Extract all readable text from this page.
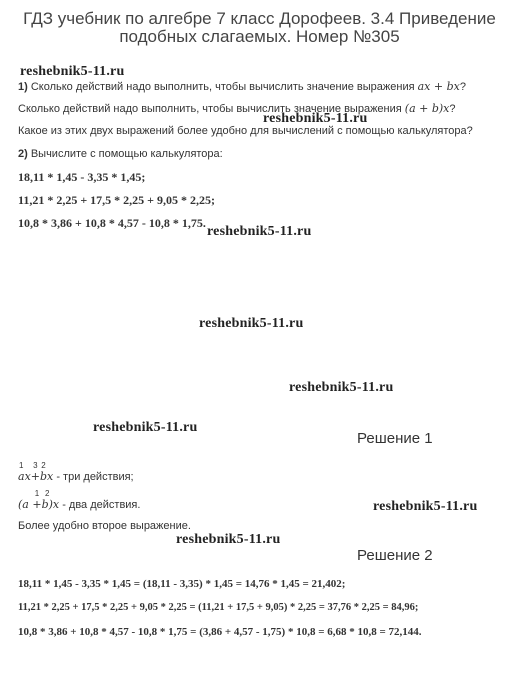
ГДЗ учебник по алгебре 7 класс Дорофеев. 3.4 Приведение
подобных слагаемых. Номер №305
reshebnik5-11.ru
reshebnik5-11.ru
reshebnik5-11.ru
reshebnik5-11.ru
reshebnik5-11.ru
reshebnik5-11.ru
reshebnik5-11.ru
reshebnik5-11.ru
1) Сколько действий надо выполнить, чтобы вычислить значение выражения ax + bx?
Сколько действий надо выполнить, чтобы вычислить значение выражения (a + b)x?
Какое из этих двух выражений более удобно для вычислений с помощью калькулятора?
2) Вычислите с помощью калькулятора:
18,11 * 1,45 - 3,35 * 1,45;
11,21 * 2,25 + 17,5 * 2,25 + 9,05 * 2,25;
10,8 * 3,86 + 10,8 * 4,57 - 10,8 * 1,75.
Решение 1
a
1
x+
3
b
2
x - три действия;
(a +
1
b)
2
x - два действия.
Более удобно второе выражение.
Решение 2
18,11 * 1,45 - 3,35 * 1,45 = (18,11 - 3,35) * 1,45 = 14,76 * 1,45 = 21,402;
11,21 * 2,25 + 17,5 * 2,25 + 9,05 * 2,25 = (11,21 + 17,5 + 9,05) * 2,25 = 37,76 * 2,25 = 84,96;
10,8 * 3,86 + 10,8 * 4,57 - 10,8 * 1,75 = (3,86 + 4,57 - 1,75) * 10,8 = 6,68 * 10,8 = 72,144.
